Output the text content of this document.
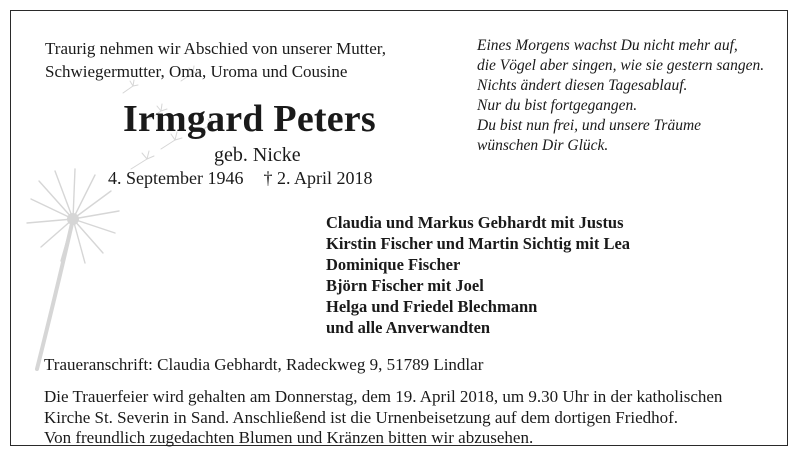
Traurig nehmen wir Abschied von unserer Mutter,
Schwiegermutter, Oma, Uroma und Cousine
Eines Morgens wachst Du nicht mehr auf,
die Vögel aber singen, wie sie gestern sangen.
Nichts ändert diesen Tagesablauf.
Nur du bist fortgegangen.
Du bist nun frei, und unsere Träume
wünschen Dir Glück.
Irmgard Peters
geb. Nicke
4. September 1946 † 2. April 2018
Claudia und Markus Gebhardt mit Justus
Kirstin Fischer und Martin Sichtig mit Lea
Dominique Fischer
Björn Fischer mit Joel
Helga und Friedel Blechmann
und alle Anverwandten
Traueranschrift: Claudia Gebhardt, Radeckweg 9, 51789 Lindlar
Die Trauerfeier wird gehalten am Donnerstag, dem 19. April 2018, um 9.30 Uhr in der katholischen
Kirche St. Severin in Sand. Anschließend ist die Urnenbeisetzung auf dem dortigen Friedhof.
Von freundlich zugedachten Blumen und Kränzen bitten wir abzusehen.
